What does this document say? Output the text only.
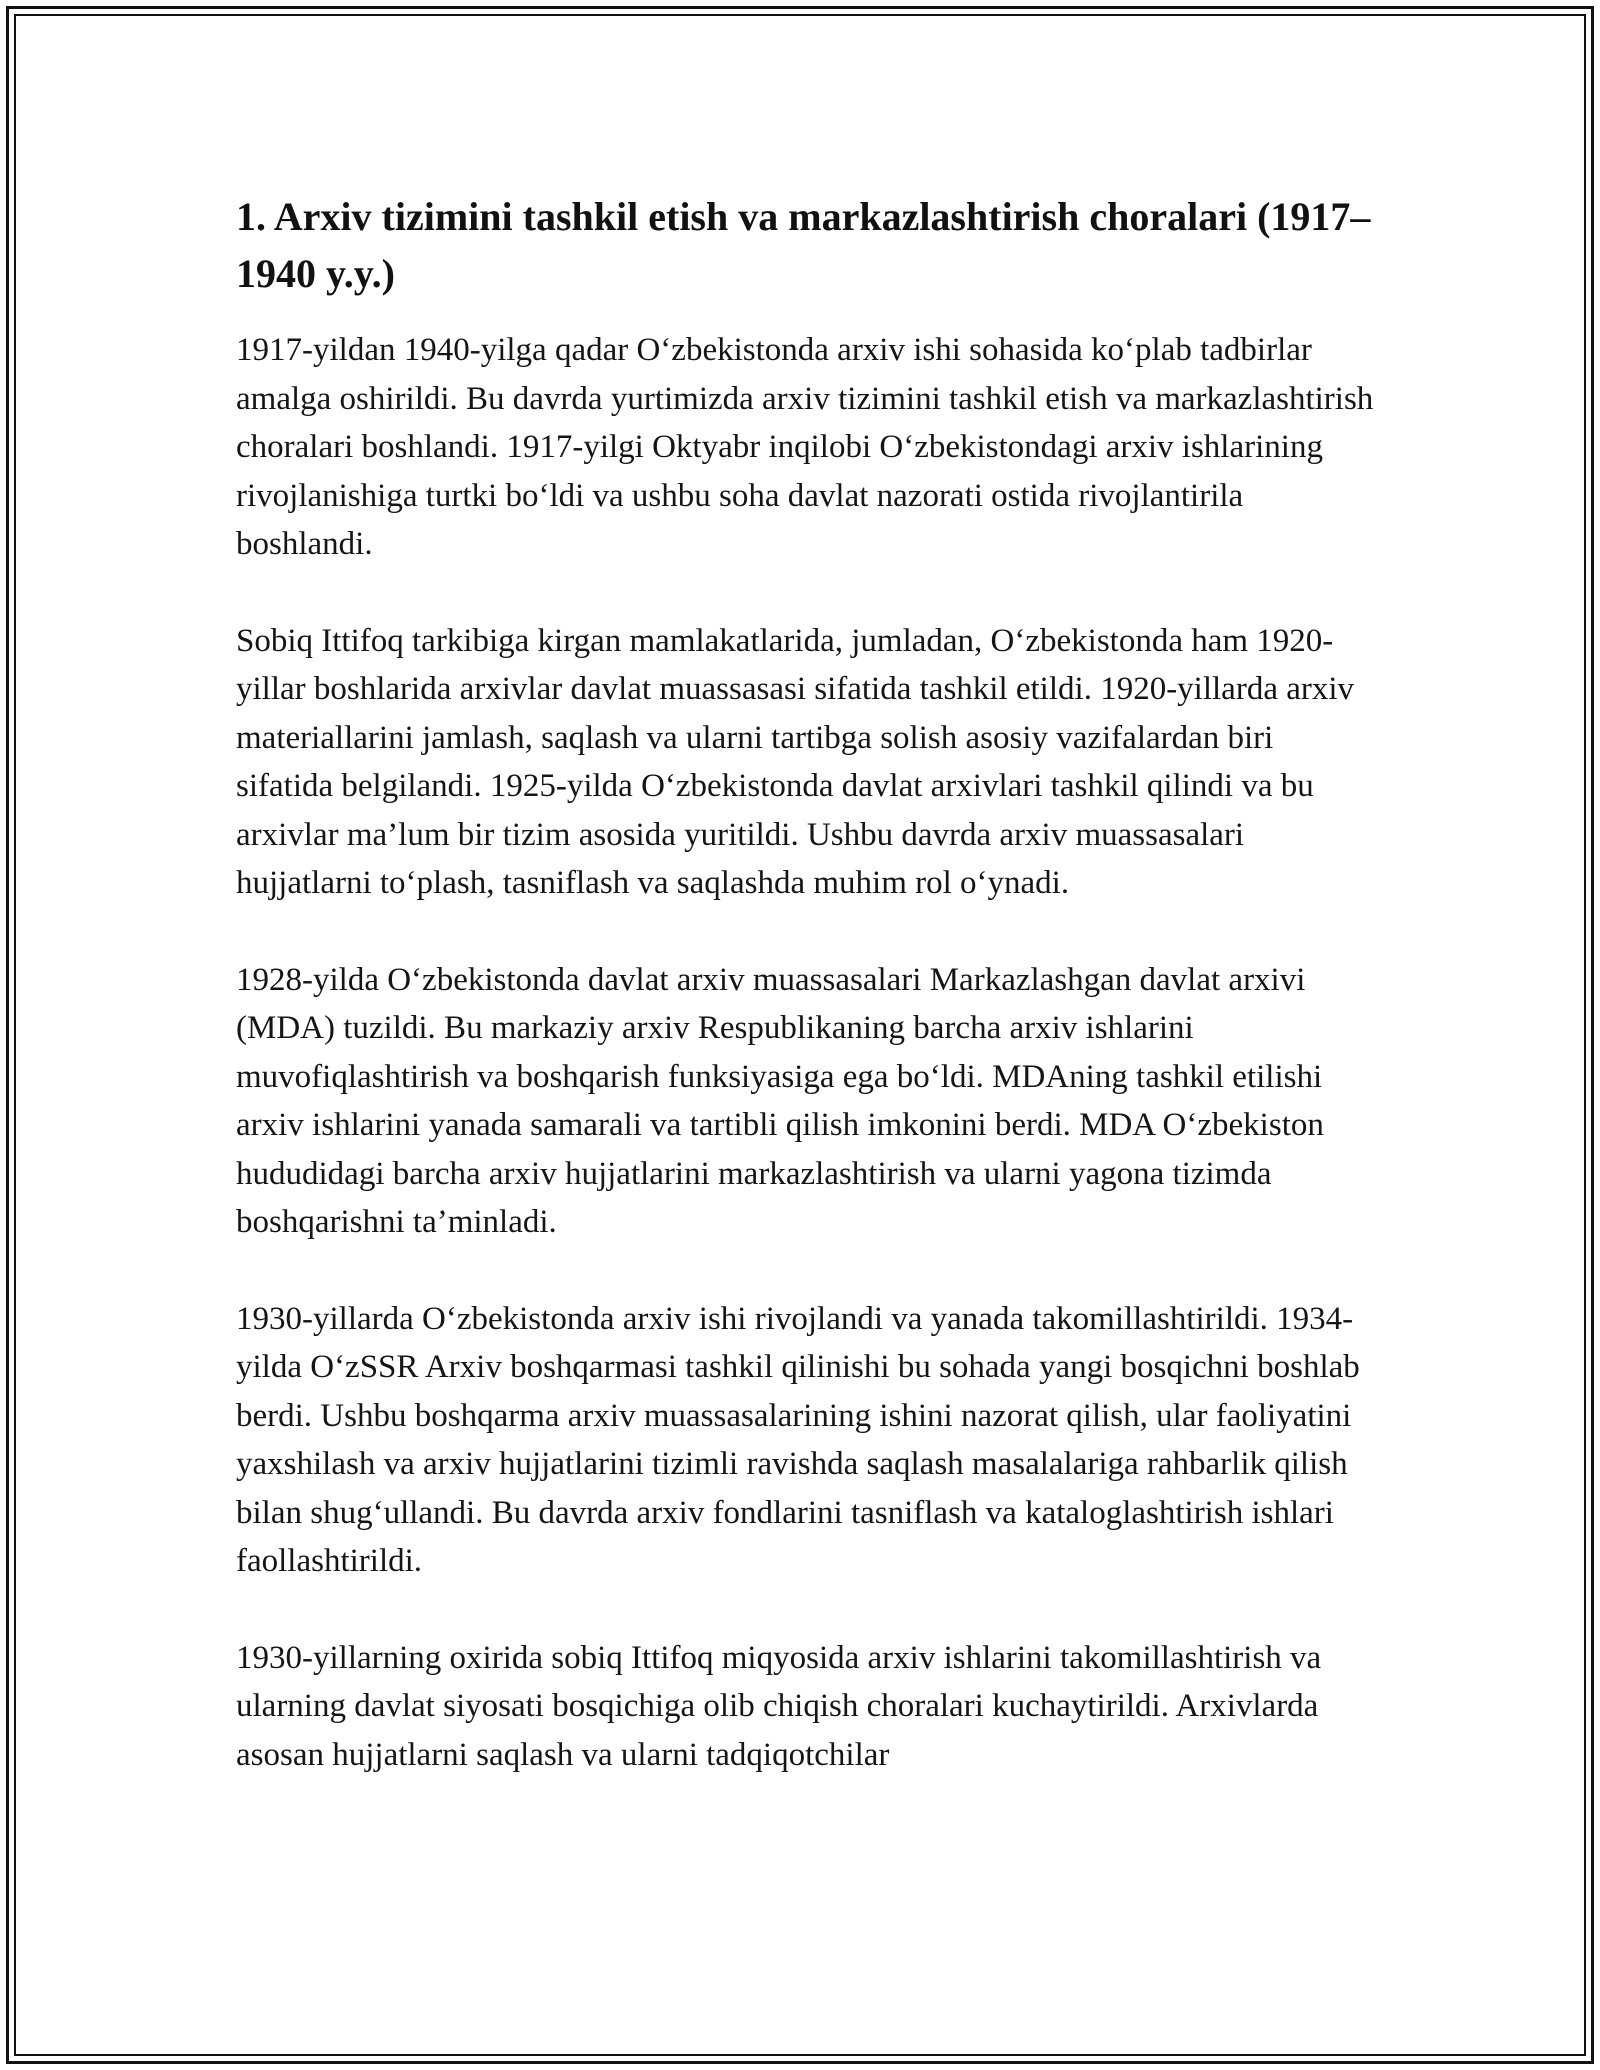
1. Arxiv tizimini tashkil etish va markazlashtirish choralari (1917–1940 y.y.)

1917-yildan 1940-yilga qadar O‘zbekistonda arxiv ishi sohasida ko‘plab tadbirlar amalga oshirildi. Bu davrda yurtimizda arxiv tizimini tashkil etish va markazlashtirish choralari boshlandi. 1917-yilgi Oktyabr inqilobi O‘zbekistondagi arxiv ishlarining rivojlanishiga turtki bo‘ldi va ushbu soha davlat nazorati ostida rivojlantirila boshlandi.

Sobiq Ittifoq tarkibiga kirgan mamlakatlarida, jumladan, O‘zbekistonda ham 1920-yillar boshlarida arxivlar davlat muassasasi sifatida tashkil etildi. 1920-yillarda arxiv materiallarini jamlash, saqlash va ularni tartibga solish asosiy vazifalardan biri sifatida belgilandi. 1925-yilda O‘zbekistonda davlat arxivlari tashkil qilindi va bu arxivlar ma’lum bir tizim asosida yuritildi. Ushbu davrda arxiv muassasalari hujjatlarni to‘plash, tasniflash va saqlashda muhim rol o‘ynadi.

1928-yilda O‘zbekistonda davlat arxiv muassasalari Markazlashgan davlat arxivi (MDA) tuzildi. Bu markaziy arxiv Respublikaning barcha arxiv ishlarini muvofiqlashtirish va boshqarish funksiyasiga ega bo‘ldi. MDAning tashkil etilishi arxiv ishlarini yanada samarali va tartibli qilish imkonini berdi. MDA O‘zbekiston hududidagi barcha arxiv hujjatlarini markazlashtirish va ularni yagona tizimda boshqarishni ta’minladi.

1930-yillarda O‘zbekistonda arxiv ishi rivojlandi va yanada takomillashtirildi. 1934-yilda O‘zSSR Arxiv boshqarmasi tashkil qilinishi bu sohada yangi bosqichni boshlab berdi. Ushbu boshqarma arxiv muassasalarining ishini nazorat qilish, ular faoliyatini yaxshilash va arxiv hujjatlarini tizimli ravishda saqlash masalalariga rahbarlik qilish bilan shug‘ullandi. Bu davrda arxiv fondlarini tasniflash va kataloglashtirish ishlari faollashtirildi.

1930-yillarning oxirida sobiq Ittifoq miqyosida arxiv ishlarini takomillashtirish va ularning davlat siyosati bosqichiga olib chiqish choralari kuchaytirildi. Arxivlarda asosan hujjatlarni saqlash va ularni tadqiqotchilar
